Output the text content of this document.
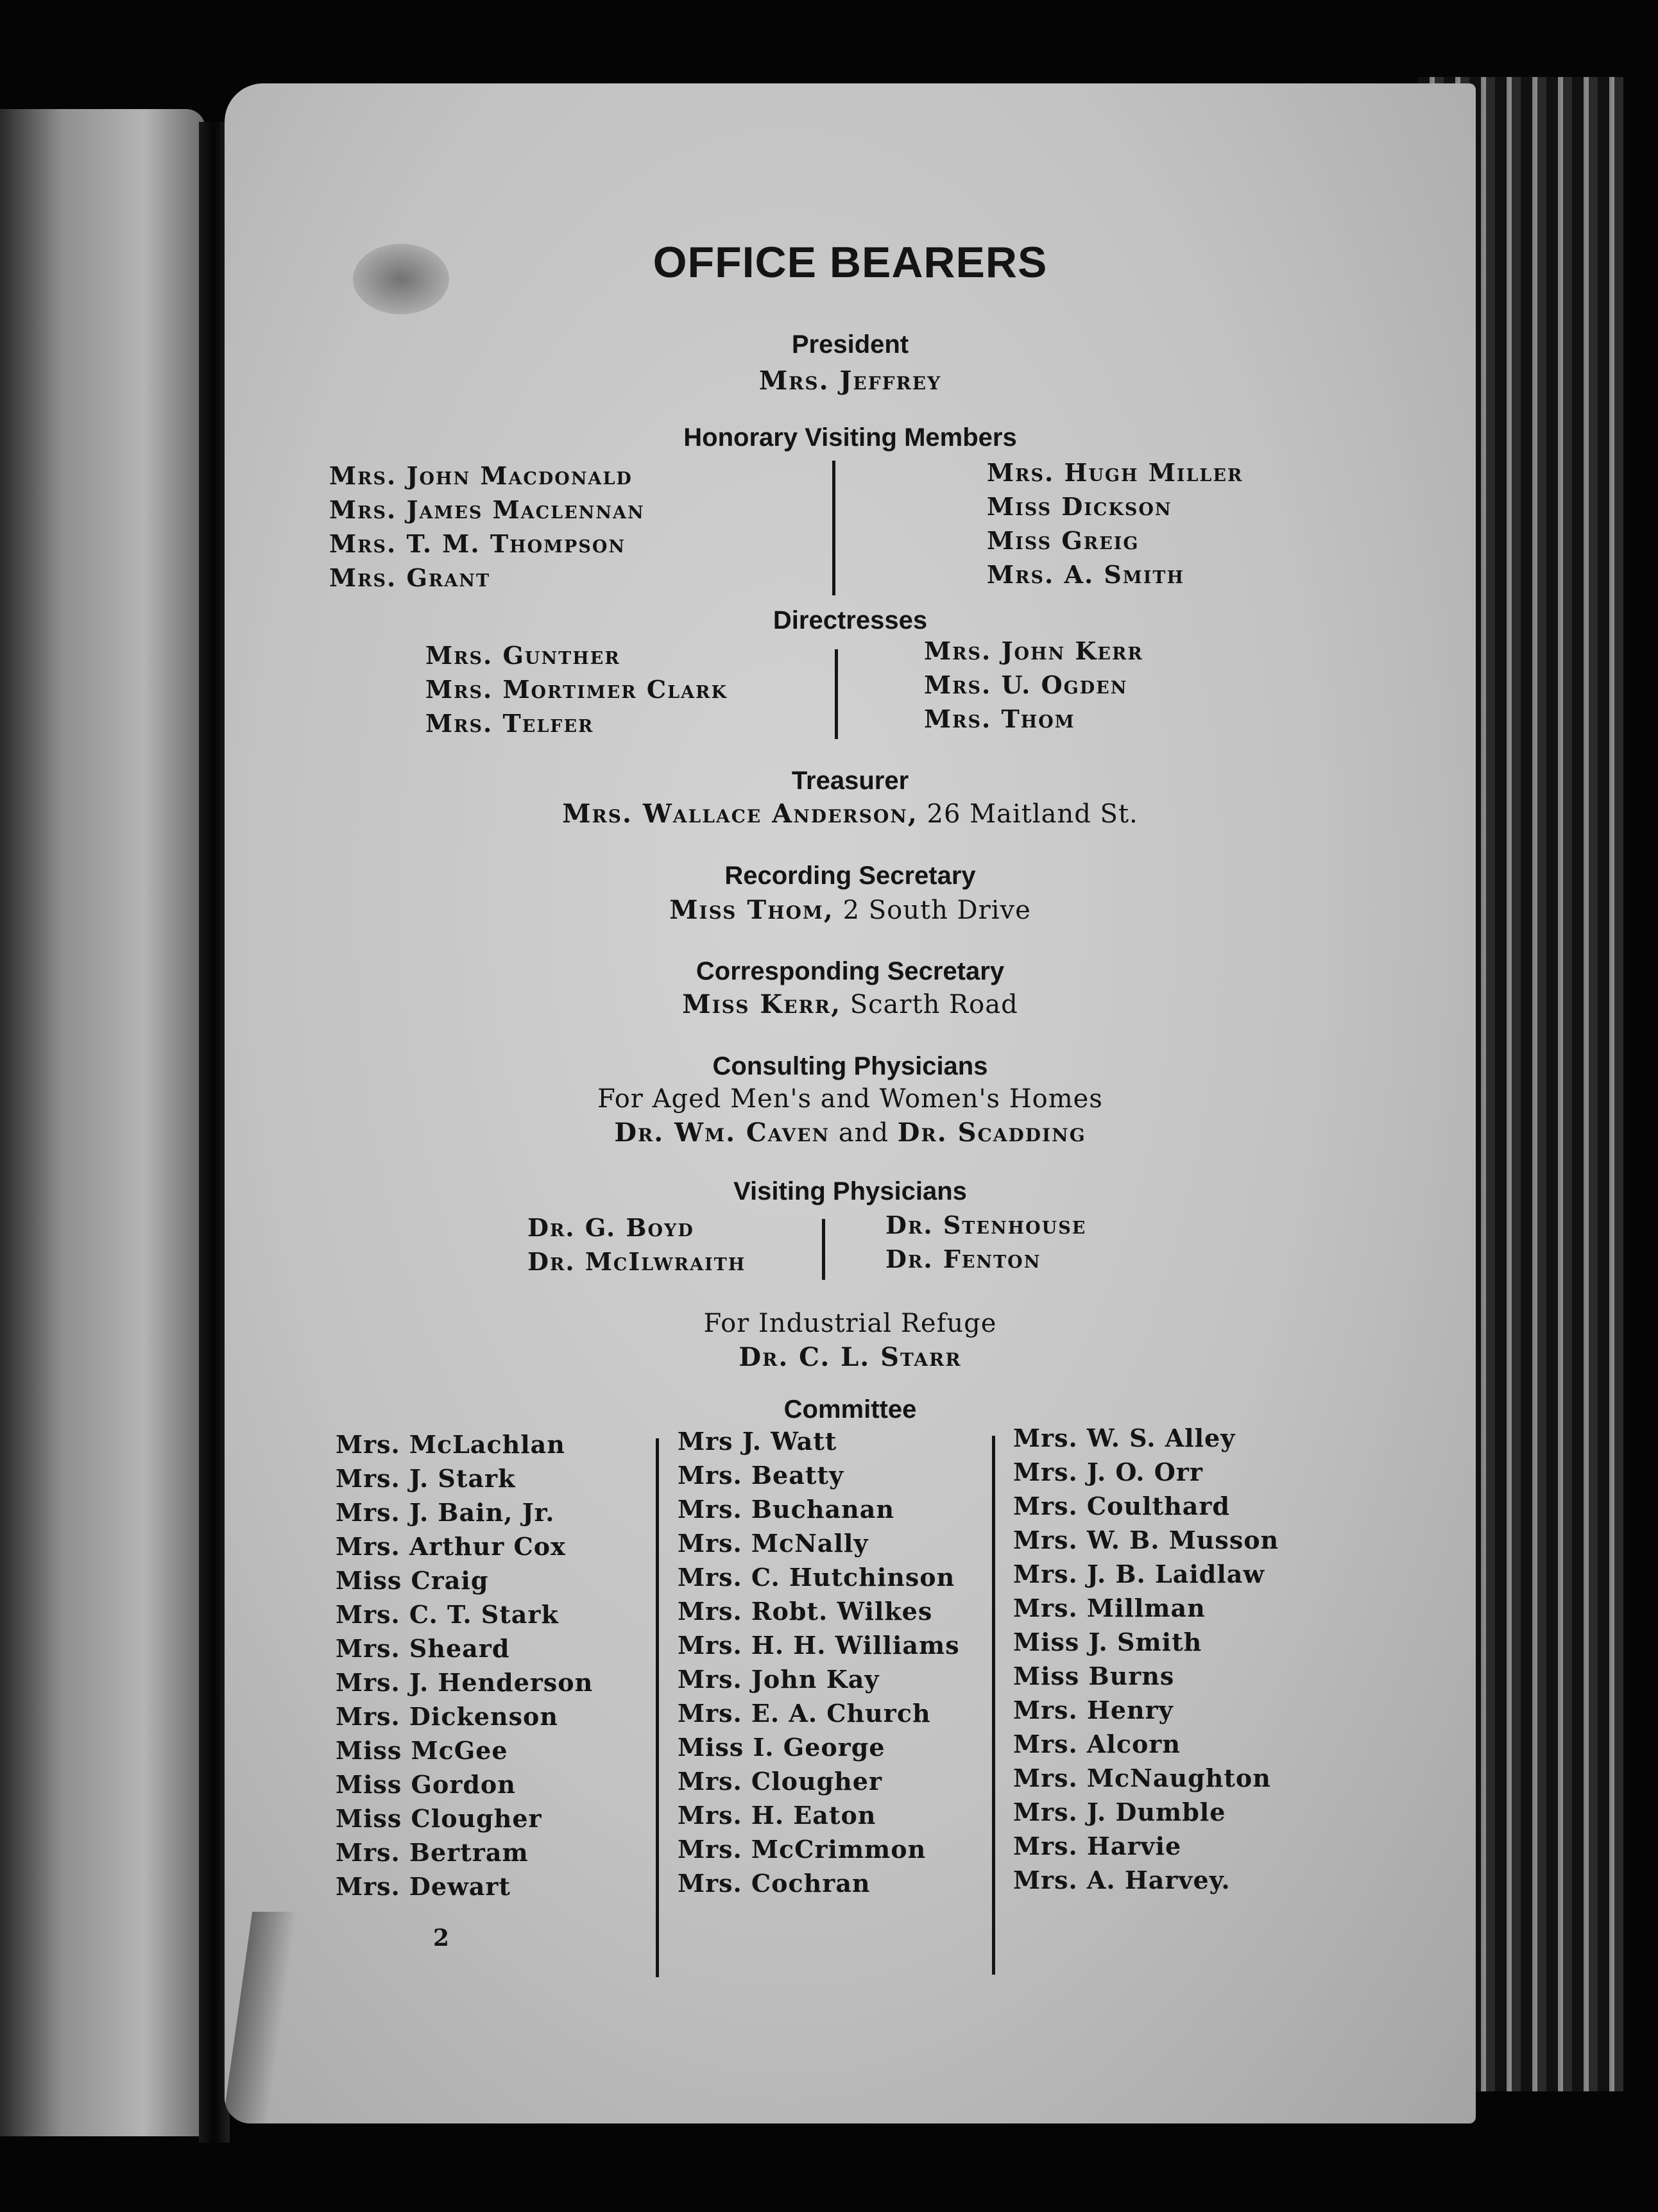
OFFICE BEARERS
President
Mrs. Jeffrey
Honorary Visiting Members
Mrs. John Macdonald
Mrs. James Maclennan
Mrs. T. M. Thompson
Mrs. Grant
Mrs. Hugh Miller
Miss Dickson
Miss Greig
Mrs. A. Smith
Directresses
Mrs. Gunther
Mrs. Mortimer Clark
Mrs. Telfer
Mrs. John Kerr
Mrs. U. Ogden
Mrs. Thom
Treasurer
Mrs. Wallace Anderson, 26 Maitland St.
Recording Secretary
Miss Thom, 2 South Drive
Corresponding Secretary
Miss Kerr, Scarth Road
Consulting Physicians
For Aged Men's and Women's Homes
Dr. Wm. Caven and Dr. Scadding
Visiting Physicians
Dr. G. Boyd
Dr. McIlwraith
Dr. Stenhouse
Dr. Fenton
For Industrial Refuge
Dr. C. L. Starr
Committee
Mrs. McLachlan
Mrs. J. Stark
Mrs. J. Bain, Jr.
Mrs. Arthur Cox
Miss Craig
Mrs. C. T. Stark
Mrs. Sheard
Mrs. J. Henderson
Mrs. Dickenson
Miss McGee
Miss Gordon
Miss Clougher
Mrs. Bertram
Mrs. Dewart
Mrs J. Watt
Mrs. Beatty
Mrs. Buchanan
Mrs. McNally
Mrs. C. Hutchinson
Mrs. Robt. Wilkes
Mrs. H. H. Williams
Mrs. John Kay
Mrs. E. A. Church
Miss I. George
Mrs. Clougher
Mrs. H. Eaton
Mrs. McCrimmon
Mrs. Cochran
Mrs. W. S. Alley
Mrs. J. O. Orr
Mrs. Coulthard
Mrs. W. B. Musson
Mrs. J. B. Laidlaw
Mrs. Millman
Miss J. Smith
Miss Burns
Mrs. Henry
Mrs. Alcorn
Mrs. McNaughton
Mrs. J. Dumble
Mrs. Harvie
Mrs. A. Harvey.
2
